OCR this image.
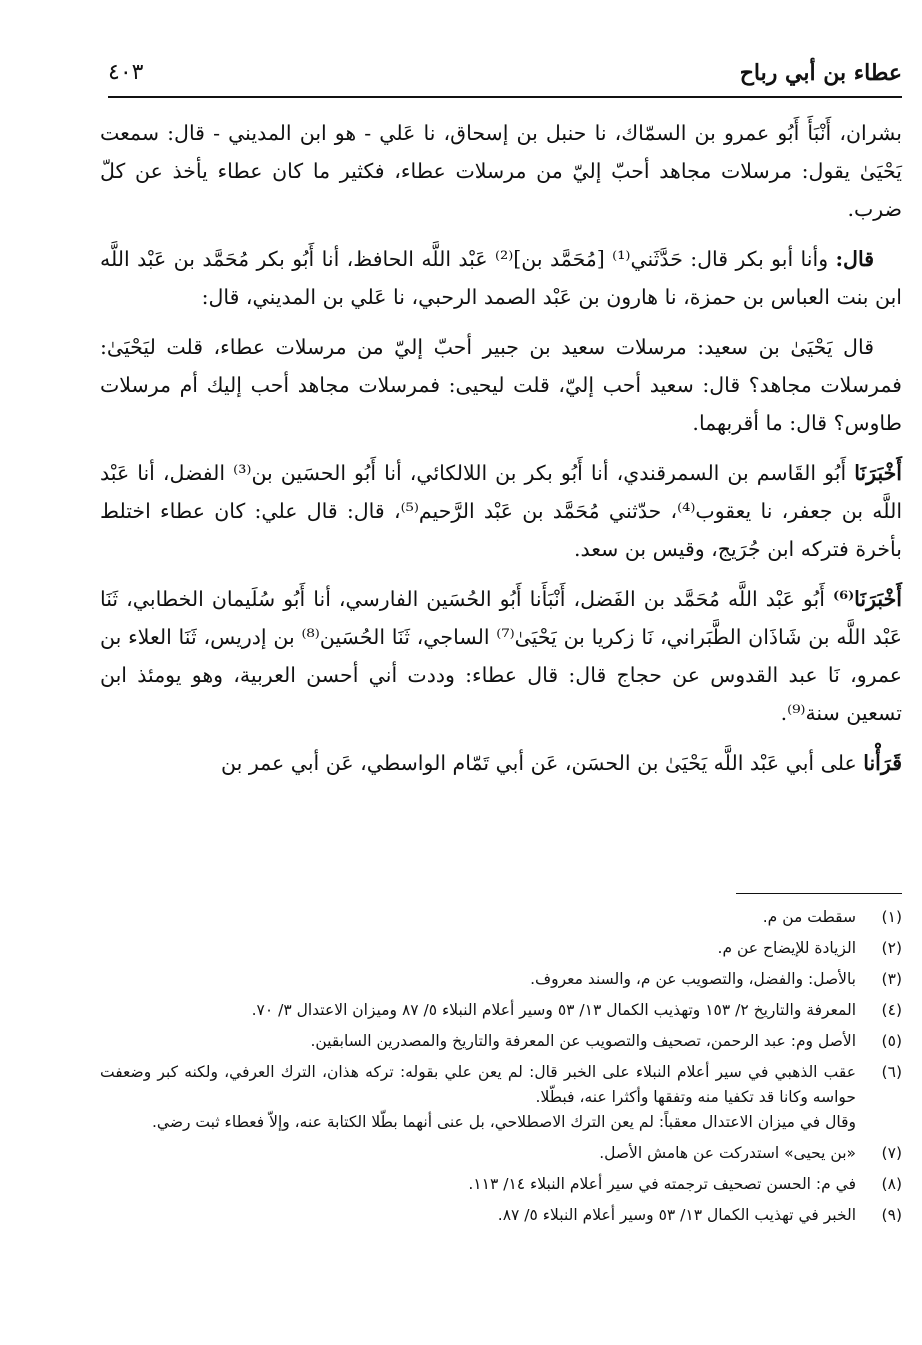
عطاء بن أبي رباح
٤٠٣

بشران، أَنْبَأَ أَبُو عمرو بن السمّاك، نا حنبل بن إسحاق، نا عَلي - هو ابن المديني - قال: سمعت يَحْيَىٰ يقول: مرسلات مجاهد أحبّ إليّ من مرسلات عطاء، فكثير ما كان عطاء يأخذ عن كلّ ضرب.

قال: وأنا أبو بكر قال: حَدَّثَني⁽¹⁾ [مُحَمَّد بن]⁽²⁾ عَبْد اللَّه الحافظ، أنا أَبُو بكر مُحَمَّد بن عَبْد اللَّه ابن بنت العباس بن حمزة، نا هارون بن عَبْد الصمد الرحبي، نا عَلي بن المديني، قال:

قال يَحْيَىٰ بن سعيد: مرسلات سعيد بن جبير أحبّ إليّ من مرسلات عطاء، قلت ليَحْيَىٰ: فمرسلات مجاهد؟ قال: سعيد أحب إليّ، قلت ليحيى: فمرسلات مجاهد أحب إليك أم مرسلات طاوس؟ قال: ما أقربهما.

أَخْبَرَنَا أَبُو القَاسم بن السمرقندي، أنا أَبُو بكر بن اللالكائي، أنا أَبُو الحسَين بن⁽³⁾ الفضل، أنا عَبْد اللَّه بن جعفر، نا يعقوب⁽⁴⁾، حدّثني مُحَمَّد بن عَبْد الرَّحيم⁽⁵⁾، قال: قال علي: كان عطاء اختلط بأخرة فتركه ابن جُرَيج، وقيس بن سعد.

أَخْبَرَنَا⁽⁶⁾ أَبُو عَبْد اللَّه مُحَمَّد بن الفَضل، أَنْبَأَنا أَبُو الحُسَين الفارسي، أنا أَبُو سُلَيمان الخطابي، ثَنَا عَبْد اللَّه بن شَاذَان الطَّبَراني، نَا زكريا بن يَحْيَىٰ⁽⁷⁾ الساجي، ثَنَا الحُسَين⁽⁸⁾ بن إدريس، ثَنَا العلاء بن عمرو، نَا عبد القدوس عن حجاج قال: قال عطاء: وددت أني أحسن العربية، وهو يومئذ ابن تسعين سنة⁽⁹⁾.

قَرَأْنا على أبي عَبْد اللَّه يَحْيَىٰ بن الحسَن، عَن أبي تَمّام الواسطي، عَن أبي عمر بن

(١)
سقطت من م.
(٢)
الزيادة للإيضاح عن م.
(٣)
بالأصل: والفضل، والتصويب عن م، والسند معروف.
(٤)
المعرفة والتاريخ ٢/ ١٥٣ وتهذيب الكمال ١٣/ ٥٣ وسير أعلام النبلاء ٥/ ٨٧ وميزان الاعتدال ٣/ ٧٠.
(٥)
الأصل وم: عبد الرحمن، تصحيف والتصويب عن المعرفة والتاريخ والمصدرين السابقين.
(٦)
عقب الذهبي في سير أعلام النبلاء على الخبر قال: لم يعن علي بقوله: تركه هذان، الترك العرفي، ولكنه كبر وضعفت حواسه وكانا قد تكفيا منه وتفقها وأكثرا عنه، فبطّلا.
وقال في ميزان الاعتدال معقباً: لم يعن الترك الاصطلاحي، بل عنى أنهما بطّلا الكتابة عنه، وإلاّ فعطاء ثبت رضي.
(٧)
«بن يحيى» استدركت عن هامش الأصل.
(٨)
في م: الحسن تصحيف ترجمته في سير أعلام النبلاء ١٤/ ١١٣.
(٩)
الخبر في تهذيب الكمال ١٣/ ٥٣ وسير أعلام النبلاء ٥/ ٨٧.
